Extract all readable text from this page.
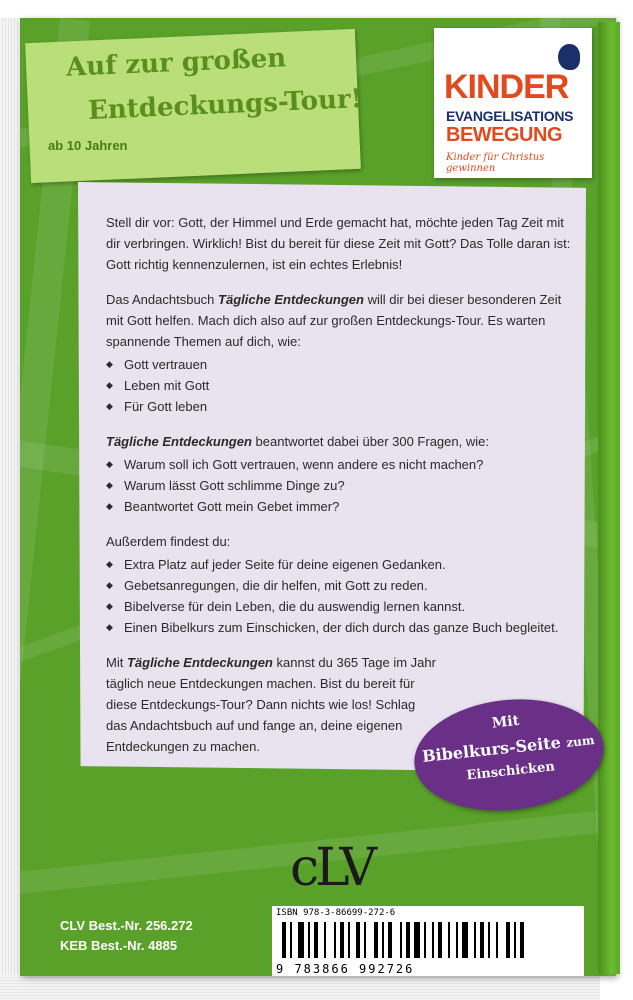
Auf zur großen
Entdeckungs-Tour!
ab 10 Jahren
KINDER
EVANGELISATIONS
BEWEGUNG
Kinder für Christus gewinnen

Stell dir vor: Gott, der Himmel und Erde gemacht hat, möchte jeden Tag Zeit mit dir verbringen. Wirklich! Bist du bereit für diese Zeit mit Gott? Das Tolle daran ist: Gott richtig kennenzulernen, ist ein echtes Erlebnis!

Das Andachtsbuch Tägliche Entdeckungen will dir bei dieser besonderen Zeit mit Gott helfen. Mach dich also auf zur großen Entdeckungs-Tour. Es warten spannende Themen auf dich, wie:

◆ Gott vertrauen
◆ Leben mit Gott
◆ Für Gott leben

Tägliche Entdeckungen beantwortet dabei über 300 Fragen, wie:

◆ Warum soll ich Gott vertrauen, wenn andere es nicht machen?
◆ Warum lässt Gott schlimme Dinge zu?
◆ Beantwortet Gott mein Gebet immer?

Außerdem findest du:

◆ Extra Platz auf jeder Seite für deine eigenen Gedanken.
◆ Gebetsanregungen, die dir helfen, mit Gott zu reden.
◆ Bibelverse für dein Leben, die du auswendig lernen kannst.
◆ Einen Bibelkurs zum Einschicken, der dich durch das ganze Buch begleitet.

Mit Tägliche Entdeckungen kannst du 365 Tage im Jahr täglich neue Entdeckungen machen. Bist du bereit für diese Entdeckungs-Tour? Dann nichts wie los! Schlag das Andachtsbuch auf und fange an, deine eigenen Entdeckungen zu machen.

Mit
Bibelkurs-Seite zum
Einschicken
cLV
CLV Best.-Nr. 256.272
KEB Best.-Nr. 4885
ISBN 978-3-86699-272-6
9 783866 992726
